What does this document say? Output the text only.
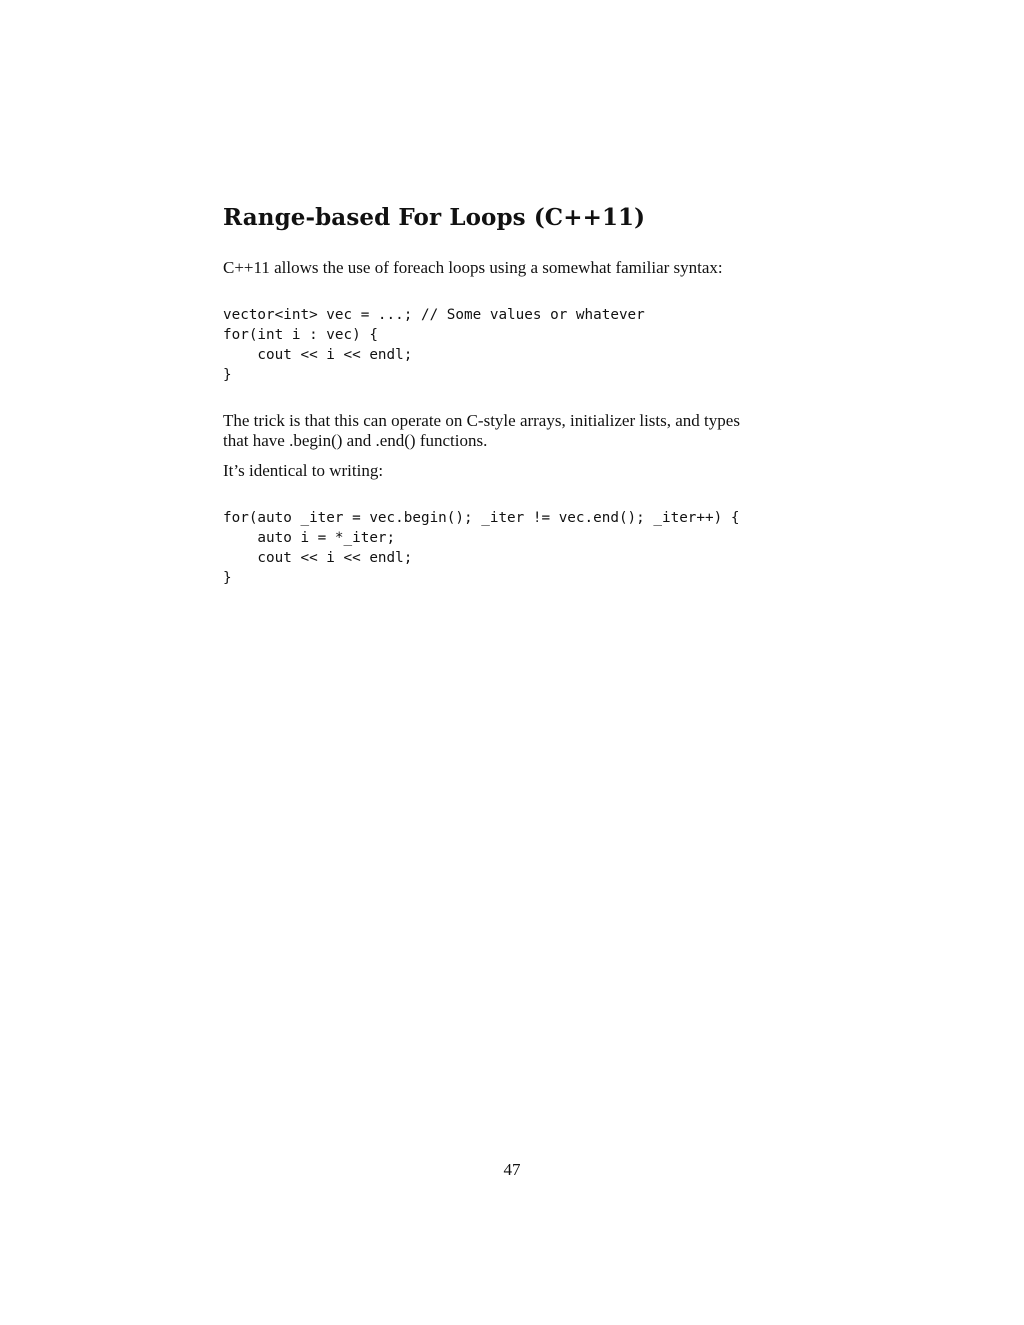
Range-based For Loops (C++11)

C++11 allows the use of foreach loops using a somewhat familiar syntax:

vector<int> vec = ...; // Some values or whatever
for(int i : vec) {
cout << i << endl;
}

The trick is that this can operate on C-style arrays, initializer lists, and types

that have .begin() and .end() functions.

It’s identical to writing:

for(auto _iter = vec.begin(); _iter != vec.end(); _iter++) {
auto i = *_iter;
cout << i << endl;
}
47
